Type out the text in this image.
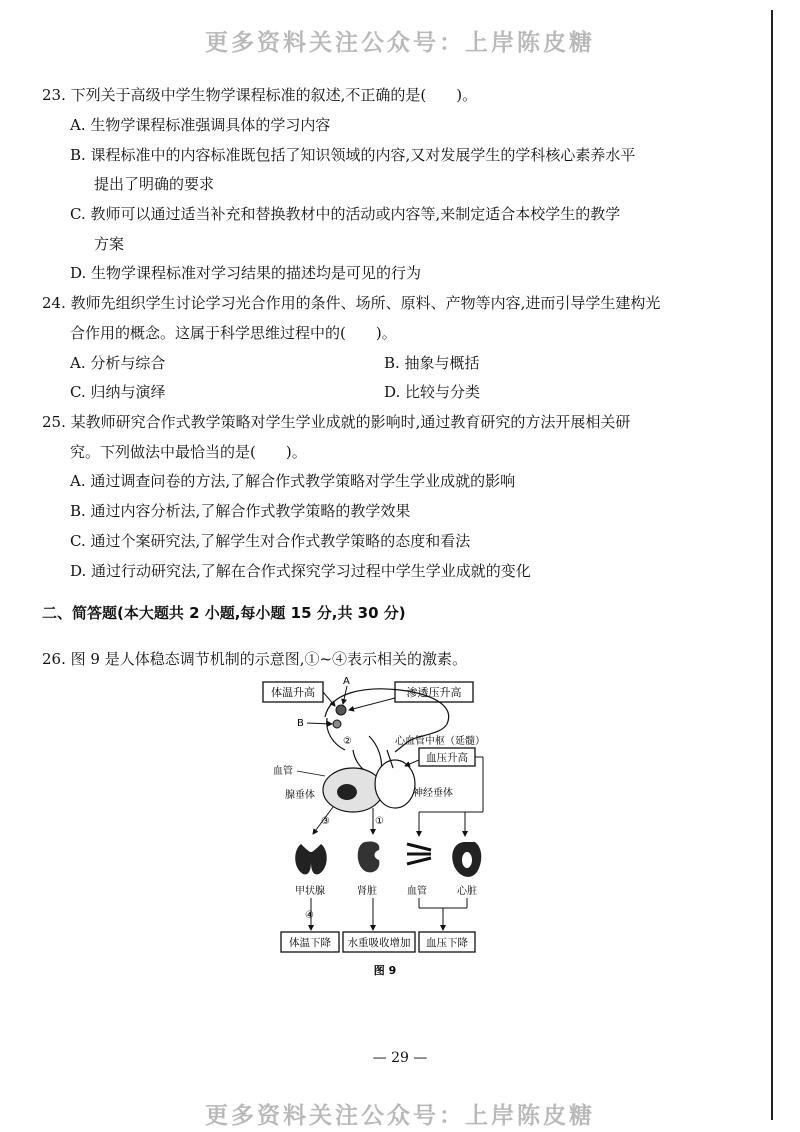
更多资料关注公众号：上岸陈皮糖
23. 下列关于高级中学生物学课程标准的叙述,不正确的是(　　)。
A. 生物学课程标准强调具体的学习内容
B. 课程标准中的内容标准既包括了知识领域的内容,又对发展学生的学科核心素养水平
提出了明确的要求
C. 教师可以通过适当补充和替换教材中的活动或内容等,来制定适合本校学生的教学
方案
D. 生物学课程标准对学习结果的描述均是可见的行为
24. 教师先组织学生讨论学习光合作用的条件、场所、原料、产物等内容,进而引导学生建构光
合作用的概念。这属于科学思维过程中的(　　)。
A. 分析与综合	B. 抽象与概括
C. 归纳与演绎	D. 比较与分类
25. 某教师研究合作式教学策略对学生学业成就的影响时,通过教育研究的方法开展相关研
究。下列做法中最恰当的是(　　)。
A. 通过调查问卷的方法,了解合作式教学策略对学生学业成就的影响
B. 通过内容分析法,了解合作式教学策略的教学效果
C. 通过个案研究法,了解学生对合作式教学策略的态度和看法
D. 通过行动研究法,了解在合作式探究学习过程中学生学业成就的变化
二、简答题(本大题共 2 小题,每小题 15 分,共 30 分)
26. 图 9 是人体稳态调节机制的示意图,①~④表示相关的激素。
体温升高	渗透压升高
A
B
②
血管
腺垂体	神经垂体
心血管中枢（延髓）
血压升高
③	①
甲状腺
④
肾脏	血管	心脏
体温下降 水重吸收增加 血压下降
图 9
— 29 —
更多资料关注公众号：上岸陈皮糖
